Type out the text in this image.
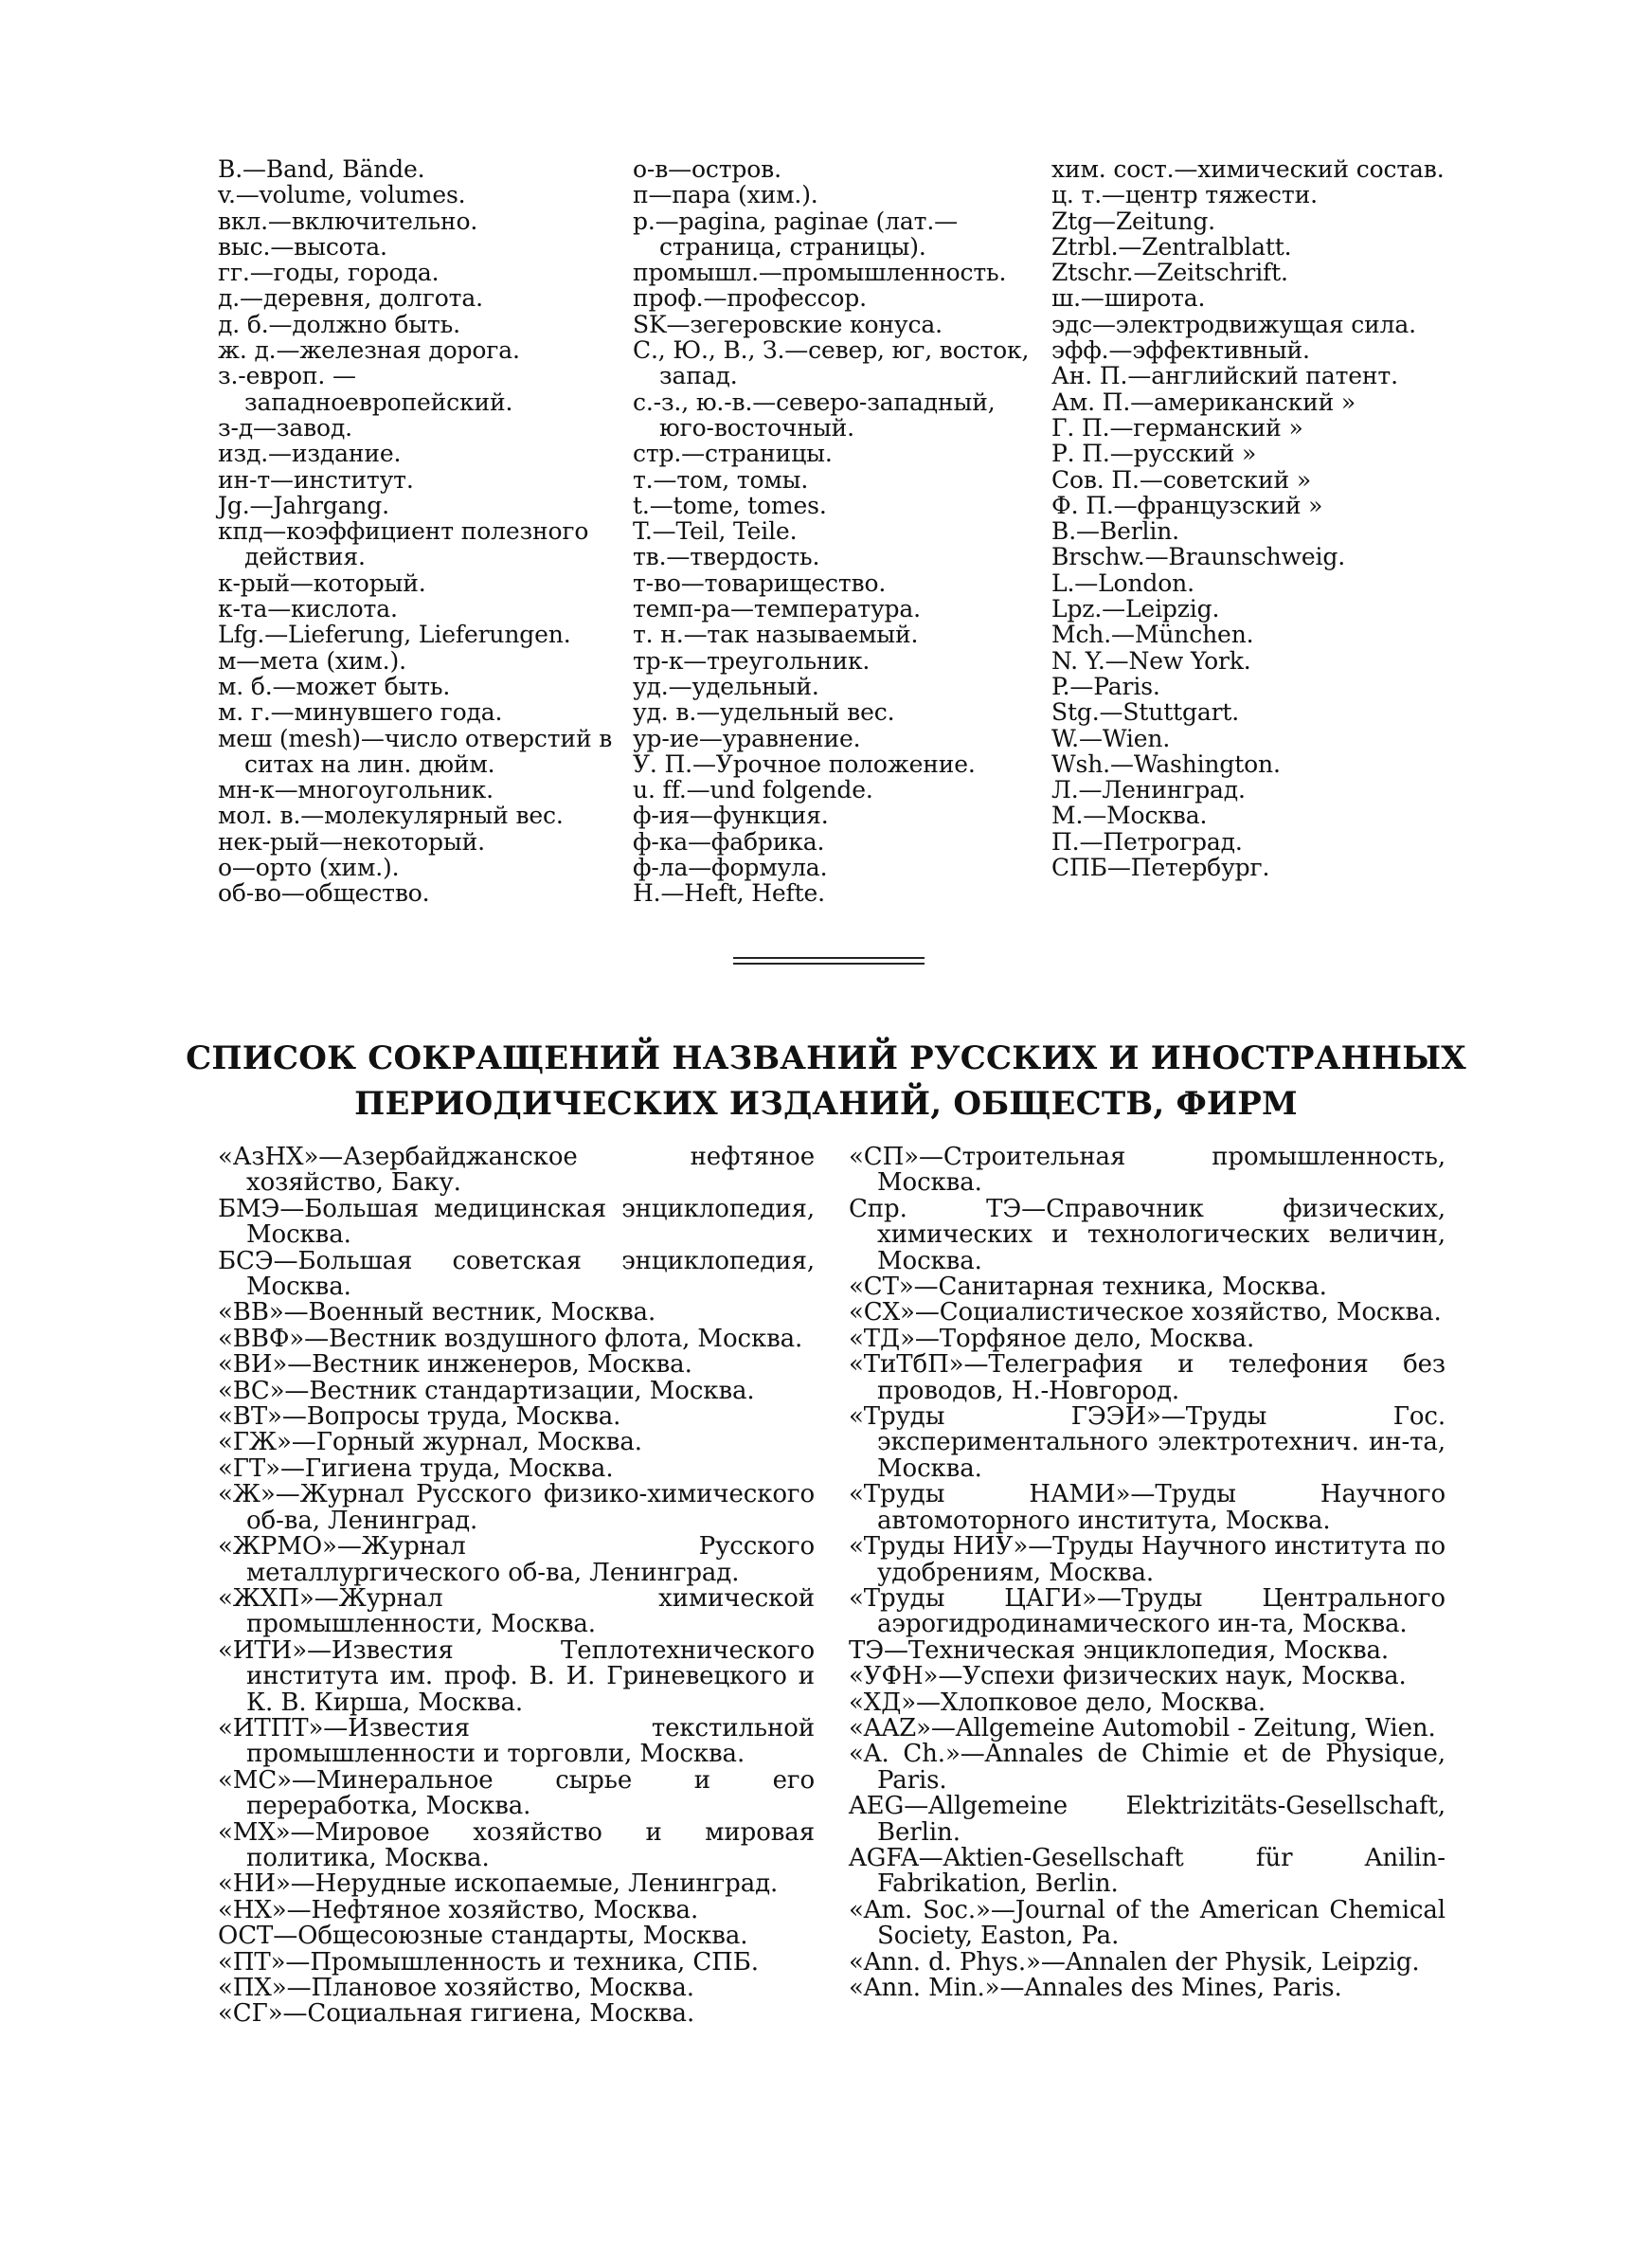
B.—Band, Bände.
v.—volume, volumes.
вкл.—включительно.
выс.—высота.
гг.—годы, города.
д.—деревня, долгота.
д. б.—должно быть.
ж. д.—железная дорога.
з.-европ. — западноевропейский.
з-д—завод.
изд.—издание.
ин-т—институт.
Jg.—Jahrgang.
кпд—коэффициент полезного действия.
к-рый—который.
к-та—кислота.
Lfg.—Lieferung, Lieferungen.
м—мета (хим.).
м. б.—может быть.
м. г.—минувшего года.
меш (mesh)—число отверстий в ситах на лин. дюйм.
мн-к—многоугольник.
мол. в.—молекулярный вес.
нек-рый—некоторый.
о—орто (хим.).
об-во—общество.
о-в—остров.
п—пара (хим.).
p.—pagina, paginae (лат.—страница, страницы).
промышл.—промышленность.
проф.—профессор.
SK—зегеровские конуса.
С., Ю., В., З.—север, юг, восток, запад.
с.-з., ю.-в.—северо-западный, юго-восточный.
стр.—страницы.
т.—том, томы.
t.—tome, tomes.
T.—Teil, Teile.
тв.—твердость.
т-во—товарищество.
темп-ра—температура.
т. н.—так называемый.
тр-к—треугольник.
уд.—удельный.
уд. в.—удельный вес.
ур-ие—уравнение.
У. П.—Урочное положение.
u. ff.—und folgende.
ф-ия—функция.
ф-ка—фабрика.
ф-ла—формула.
H.—Heft, Hefte.
хим. сост.—химический состав.
ц. т.—центр тяжести.
Ztg—Zeitung.
Ztrbl.—Zentralblatt.
Ztschr.—Zeitschrift.
ш.—широта.
эдс—электродвижущая сила.
эфф.—эффективный.
Ан. П.—английский патент.
Ам. П.—американский »
Г. П.—германский »
Р. П.—русский »
Сов. П.—советский »
Ф. П.—французский »
B.—Berlin.
Brschw.—Braunschweig.
L.—London.
Lpz.—Leipzig.
Mch.—München.
N. Y.—New York.
P.—Paris.
Stg.—Stuttgart.
W.—Wien.
Wsh.—Washington.
Л.—Ленинград.
М.—Москва.
П.—Петроград.
СПБ—Петербург.
СПИСОК СОКРАЩЕНИЙ НАЗВАНИЙ РУССКИХ И ИНОСТРАННЫХ
ПЕРИОДИЧЕСКИХ ИЗДАНИЙ, ОБЩЕСТВ, ФИРМ
«АзНХ»—Азербайджанское нефтяное хозяйство, Баку.
БМЭ—Большая медицинская энциклопедия, Москва.
БСЭ—Большая советская энциклопедия, Москва.
«ВВ»—Военный вестник, Москва.
«ВВФ»—Вестник воздушного флота, Москва.
«ВИ»—Вестник инженеров, Москва.
«ВС»—Вестник стандартизации, Москва.
«ВТ»—Вопросы труда, Москва.
«ГЖ»—Горный журнал, Москва.
«ГТ»—Гигиена труда, Москва.
«Ж»—Журнал Русского физико-химического об-ва, Ленинград.
«ЖРМО»—Журнал Русского металлургического об-ва, Ленинград.
«ЖХП»—Журнал химической промышленности, Москва.
«ИТИ»—Известия Теплотехнического института им. проф. В. И. Гриневецкого и К. В. Кирша, Москва.
«ИТПТ»—Известия текстильной промышленности и торговли, Москва.
«МС»—Минеральное сырье и его переработка, Москва.
«МХ»—Мировое хозяйство и мировая политика, Москва.
«НИ»—Нерудные ископаемые, Ленинград.
«НХ»—Нефтяное хозяйство, Москва.
ОСТ—Общесоюзные стандарты, Москва.
«ПТ»—Промышленность и техника, СПБ.
«ПХ»—Плановое хозяйство, Москва.
«СГ»—Социальная гигиена, Москва.
«СП»—Строительная промышленность, Москва.
Спр. ТЭ—Справочник физических, химических и технологических величин, Москва.
«СТ»—Санитарная техника, Москва.
«СХ»—Социалистическое хозяйство, Москва.
«ТД»—Торфяное дело, Москва.
«ТиТбП»—Телеграфия и телефония без проводов, Н.-Новгород.
«Труды ГЭЭИ»—Труды Гос. экспериментального электротехнич. ин-та, Москва.
«Труды НАМИ»—Труды Научного автомоторного института, Москва.
«Труды НИУ»—Труды Научного института по удобрениям, Москва.
«Труды ЦАГИ»—Труды Центрального аэрогидродинамического ин-та, Москва.
ТЭ—Техническая энциклопедия, Москва.
«УФН»—Успехи физических наук, Москва.
«ХД»—Хлопковое дело, Москва.
«AAZ»—Allgemeine Automobil - Zeitung, Wien.
«A. Ch.»—Annales de Chimie et de Physique, Paris.
AEG—Allgemeine Elektrizitäts-Gesellschaft, Berlin.
AGFA—Aktien-Gesellschaft für Anilin-Fabrikation, Berlin.
«Am. Soc.»—Journal of the American Chemical Society, Easton, Pa.
«Ann. d. Phys.»—Annalen der Physik, Leipzig.
«Ann. Min.»—Annales des Mines, Paris.
